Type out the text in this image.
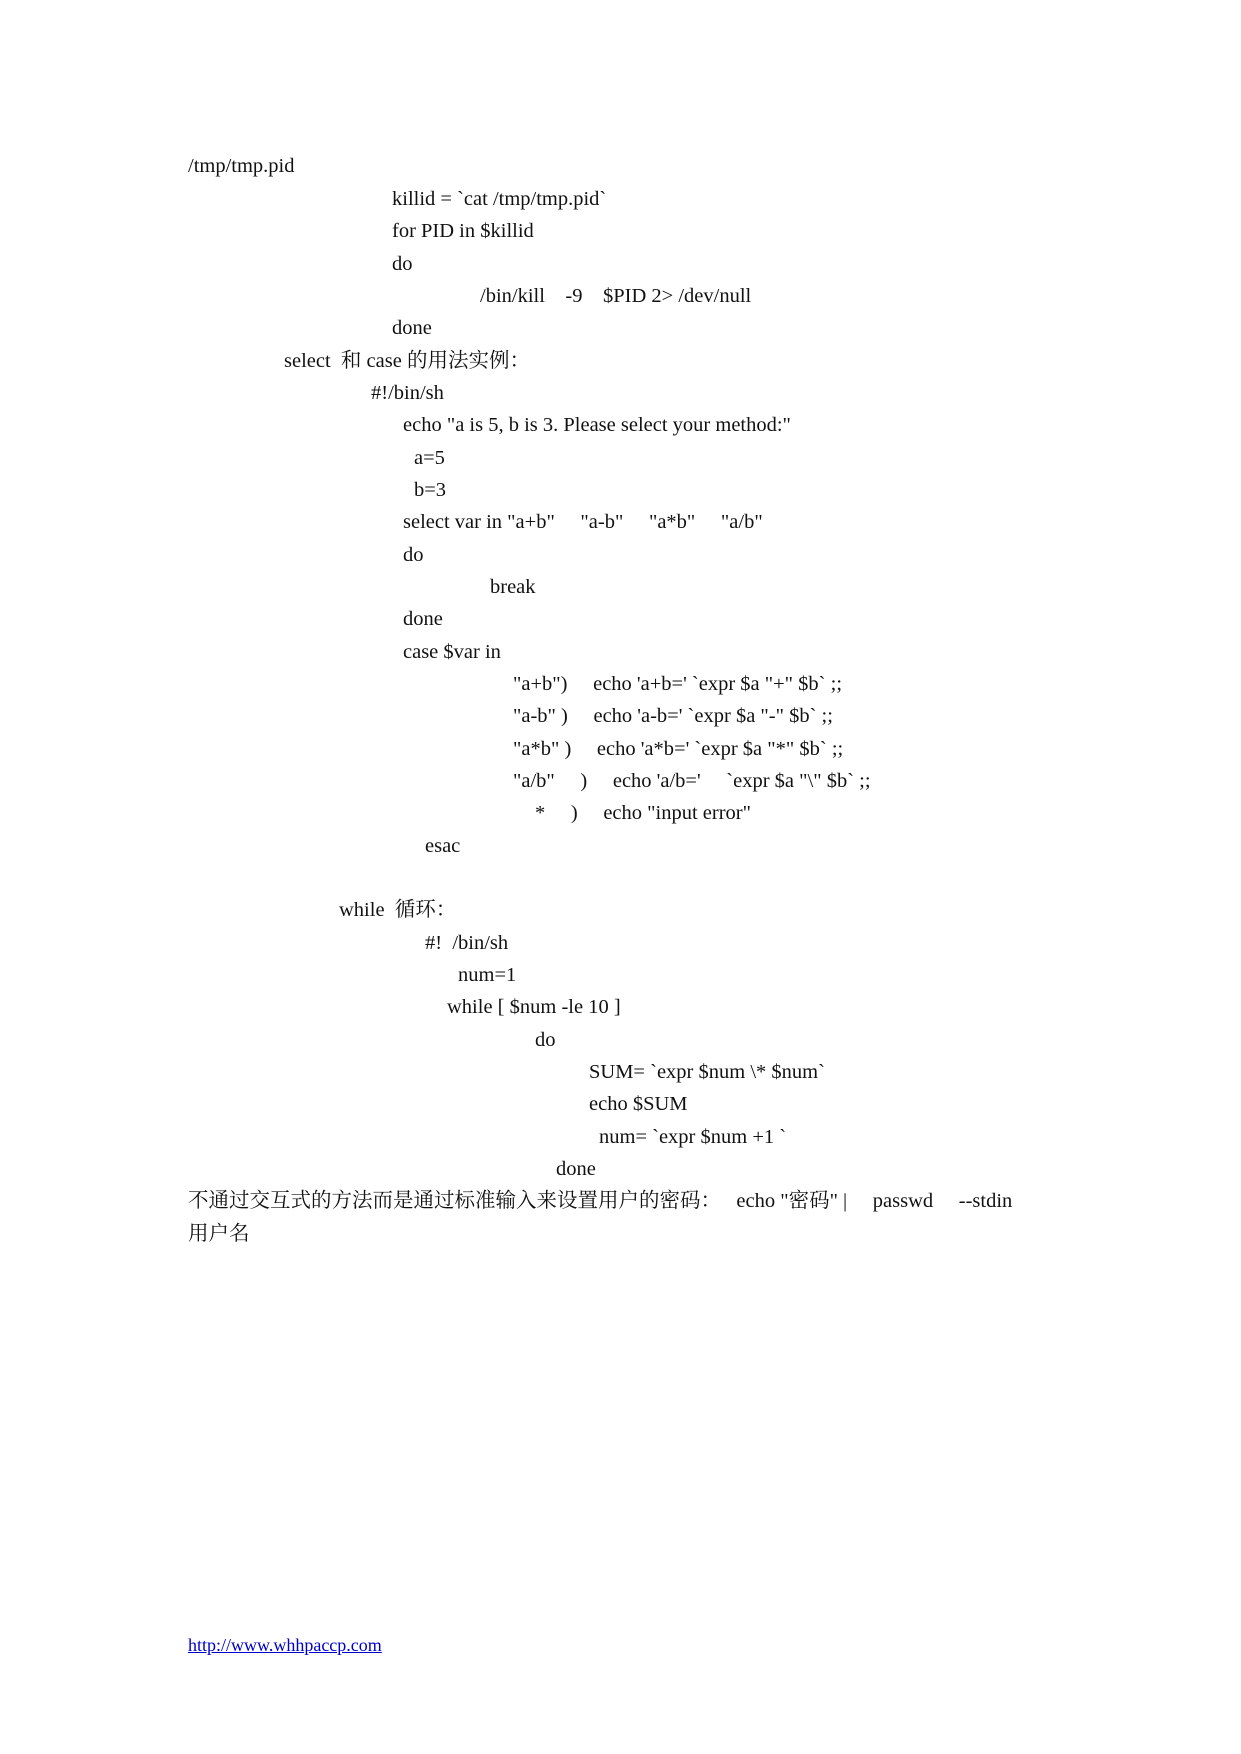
/tmp/tmp.pid
killid = `cat /tmp/tmp.pid`
for PID in $killid
do
/bin/kill    -9    $PID 2> /dev/null
done
select  和 case 的用法实例：
#!/bin/sh
echo "a is 5, b is 3. Please select your method:"
a=5
b=3
select var in "a+b"     "a-b"     "a*b"     "a/b"
do
break
done
case $var in
"a+b")     echo 'a+b=' `expr $a "+" $b` ;;
"a-b" )     echo 'a-b=' `expr $a "-" $b` ;;
"a*b" )     echo 'a*b=' `expr $a "*" $b` ;;
"a/b"     )     echo 'a/b='     `expr $a "\" $b` ;;
*     )     echo "input error"
esac
while  循环：
#!  /bin/sh
num=1
while [ $num -le 10 ]
do
SUM= `expr $num \* $num`
echo $SUM
num= `expr $num +1 `
done
不通过交互式的方法而是通过标准输入来设置用户的密码：   echo "密码" |     passwd     --stdin
用户名
http://www.whhpaccp.com
